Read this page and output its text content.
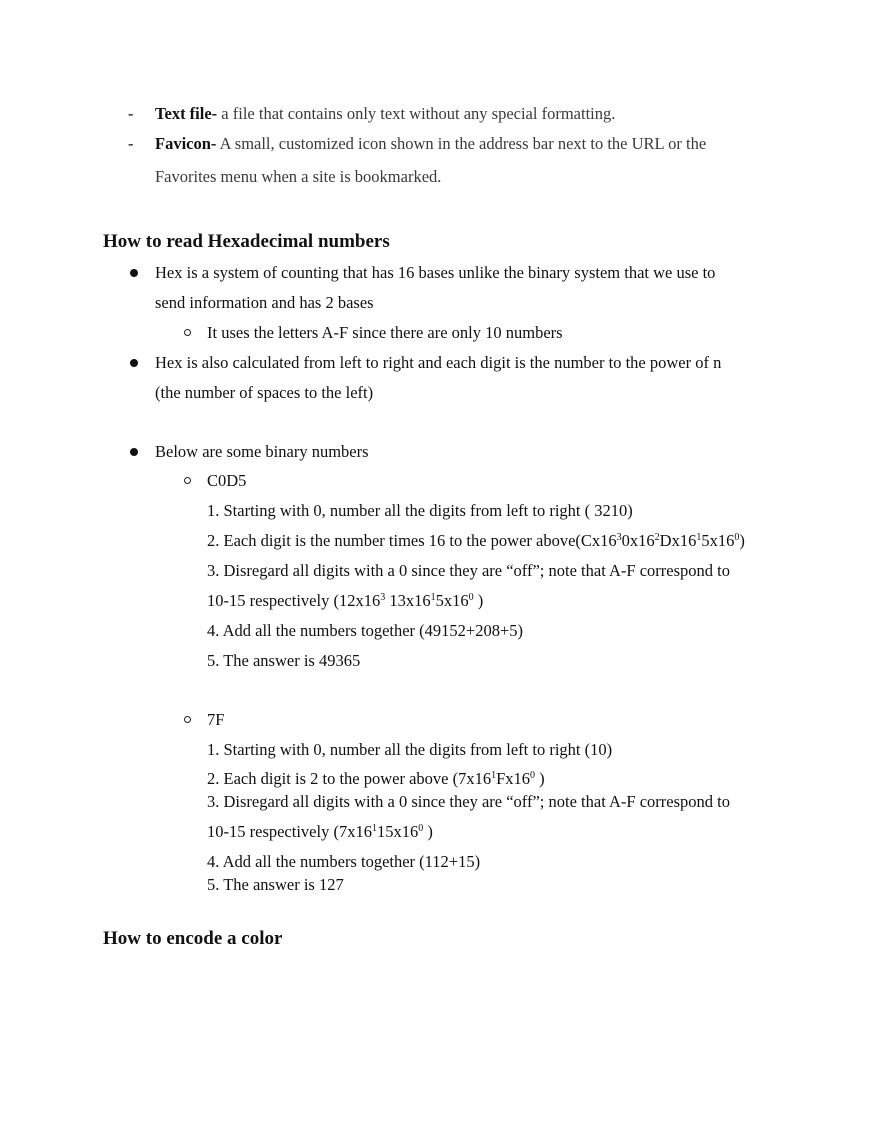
- Text file- a file that contains only text without any special formatting.
- Favicon- A small, customized icon shown in the address bar next to the URL or the
Favorites menu when a site is bookmarked.
How to read Hexadecimal numbers
Hex is a system of counting that has 16 bases unlike the binary system that we use to
send information and has 2 bases
It uses the letters A-F since there are only 10 numbers
Hex is also calculated from left to right and each digit is the number to the power of n
(the number of spaces to the left)
Below are some binary numbers
C0D5
1. Starting with 0, number all the digits from left to right ( 3210)
2. Each digit is the number times 16 to the power $above(Cx16^30x16^2Dx16^15x16^0)$
3. Disregard all digits with a 0 since they are “off”; note that A-F correspond to
10-15 respectively ($12x16^3$ $13x16^15x16^0$ )
4. Add all the numbers together (49152+208+5)
5. The answer is 49365
7F
1. Starting with 0, number all the digits from left to right (10)
2. Each digit is 2 to the power above ($7x16^1Fx16^0$ )
3. Disregard all digits with a 0 since they are “off”; note that A-F correspond to
10-15 respectively ($7x16^115x16^0$ )
4. Add all the numbers together (112+15)
5. The answer is 127
How to encode a color
